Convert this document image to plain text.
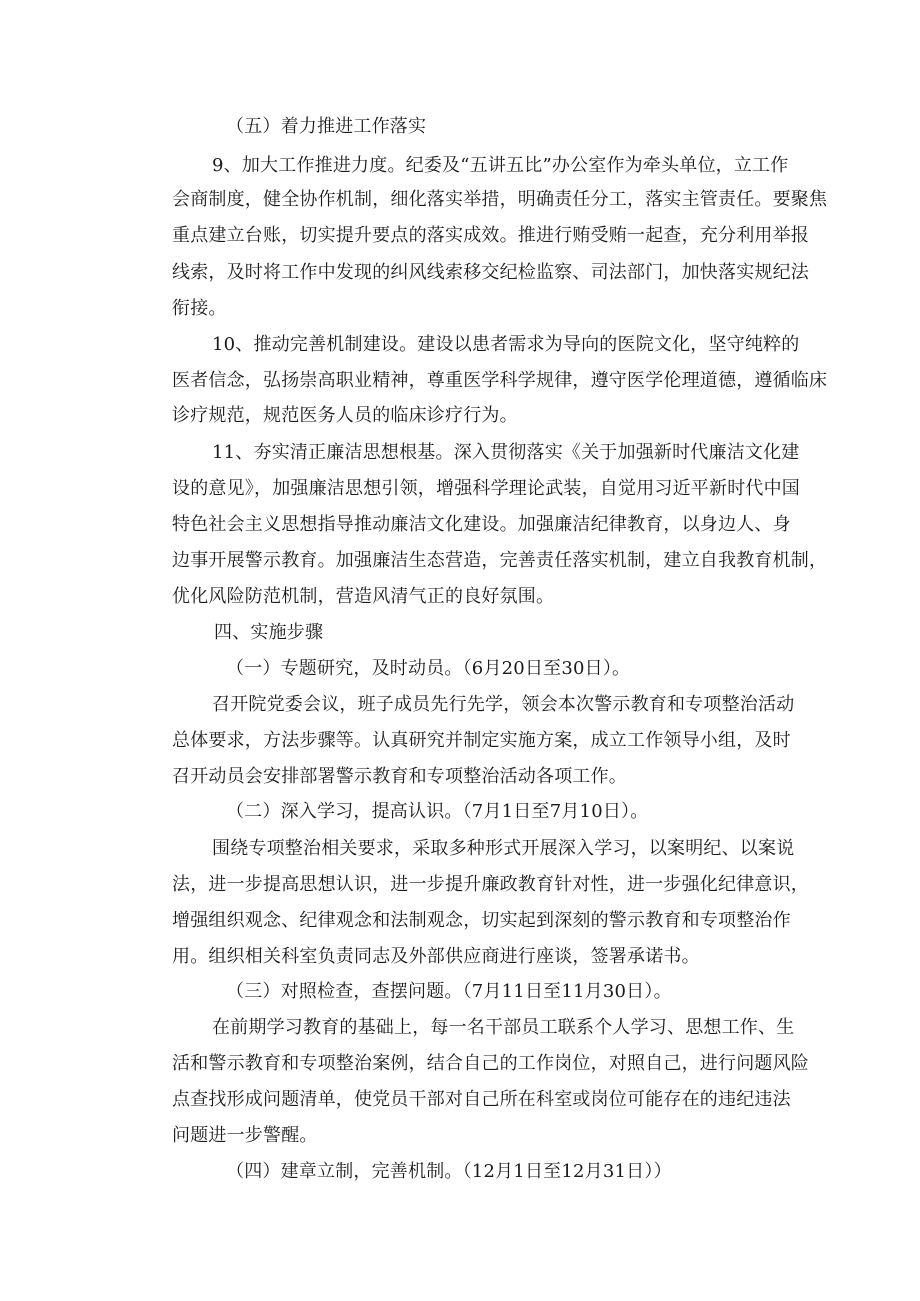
（五）着力推进工作落实
9、加大工作推进力度。纪委及“五讲五比”办公室作为牵头单位，立工作
会商制度，健全协作机制，细化落实举措，明确责任分工，落实主管责任。要聚焦
重点建立台账，切实提升要点的落实成效。推进行贿受贿一起查，充分利用举报
线索，及时将工作中发现的纠风线索移交纪检监察、司法部门，加快落实规纪法
衔接。
10、推动完善机制建设。建设以患者需求为导向的医院文化，坚守纯粹的
医者信念，弘扬崇高职业精神，尊重医学科学规律，遵守医学伦理道德，遵循临床
诊疗规范，规范医务人员的临床诊疗行为。
11、夯实清正廉洁思想根基。深入贯彻落实《关于加强新时代廉洁文化建
设的意见》，加强廉洁思想引领，增强科学理论武装，自觉用习近平新时代中国
特色社会主义思想指导推动廉洁文化建设。加强廉洁纪律教育，以身边人、身
边事开展警示教育。加强廉洁生态营造，完善责任落实机制，建立自我教育机制，
优化风险防范机制，营造风清气正的良好氛围。
四、实施步骤
（一）专题研究，及时动员。（6月20日至30日）。
召开院党委会议，班子成员先行先学，领会本次警示教育和专项整治活动
总体要求，方法步骤等。认真研究并制定实施方案，成立工作领导小组，及时
召开动员会安排部署警示教育和专项整治活动各项工作。
（二）深入学习，提高认识。（7月1日至7月10日）。
围绕专项整治相关要求，采取多种形式开展深入学习，以案明纪、以案说
法，进一步提高思想认识，进一步提升廉政教育针对性，进一步强化纪律意识，
增强组织观念、纪律观念和法制观念，切实起到深刻的警示教育和专项整治作
用。组织相关科室负责同志及外部供应商进行座谈，签署承诺书。
（三）对照检查，查摆问题。（7月11日至11月30日）。
在前期学习教育的基础上，每一名干部员工联系个人学习、思想工作、生
活和警示教育和专项整治案例，结合自己的工作岗位，对照自己，进行问题风险
点查找形成问题清单，使党员干部对自己所在科室或岗位可能存在的违纪违法
问题进一步警醒。
（四）建章立制，完善机制。（12月1日至12月31日））
